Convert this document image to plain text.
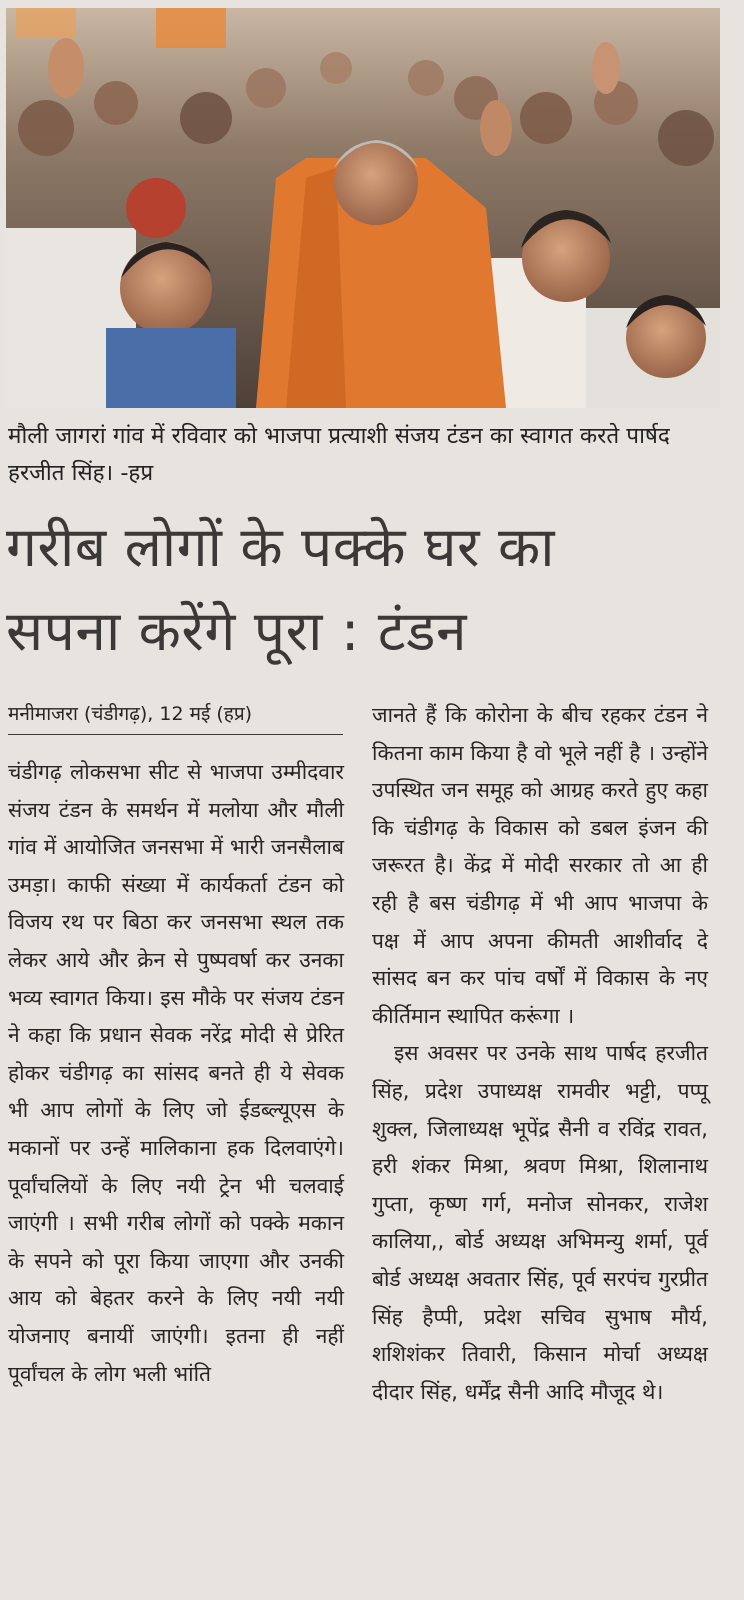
मौली जागरां गांव में रविवार को भाजपा प्रत्याशी संजय टंडन का स्वागत करते पार्षद हरजीत सिंह। -हप्र
गरीब लोगों के पक्के घर का
सपना करेंगे पूरा : टंडन
मनीमाजरा (चंडीगढ़), 12 मई (हप्र)

चंडीगढ़ लोकसभा सीट से भाजपा उम्मीदवार संजय टंडन के समर्थन में मलोया और मौली गांव में आयोजित जनसभा में भारी जनसैलाब उमड़ा। काफी संख्या में कार्यकर्ता टंडन को विजय रथ पर बिठा कर जनसभा स्थल तक लेकर आये और क्रेन से पुष्पवर्षा कर उनका भव्य स्वागत किया। इस मौके पर संजय टंडन ने कहा कि प्रधान सेवक नरेंद्र मोदी से प्रेरित होकर चंडीगढ़ का सांसद बनते ही ये सेवक भी आप लोगों के लिए जो ईडब्ल्यूएस के मकानों पर उन्हें मालिकाना हक दिलवाएंगे। पूर्वांचलियों के लिए नयी ट्रेन भी चलवाई जाएंगी । सभी गरीब लोगों को पक्के मकान के सपने को पूरा किया जाएगा और उनकी आय को बेहतर करने के लिए नयी नयी योजनाए बनायीं जाएंगी। इतना ही नहीं पूर्वांचल के लोग भली भांति

जानते हैं कि कोरोना के बीच रहकर टंडन ने कितना काम किया है वो भूले नहीं है । उन्होंने उपस्थित जन समूह को आग्रह करते हुए कहा कि चंडीगढ़ के विकास को डबल इंजन की जरूरत है। केंद्र में मोदी सरकार तो आ ही रही है बस चंडीगढ़ में भी आप भाजपा के पक्ष में आप अपना कीमती आशीर्वाद दे सांसद बन कर पांच वर्षों में विकास के नए कीर्तिमान स्थापित करूंगा ।

इस अवसर पर उनके साथ पार्षद हरजीत सिंह, प्रदेश उपाध्यक्ष रामवीर भट्टी, पप्पू शुक्ल, जिलाध्यक्ष भूपेंद्र सैनी व रविंद्र रावत, हरी शंकर मिश्रा, श्रवण मिश्रा, शिलानाथ गुप्ता, कृष्ण गर्ग, मनोज सोनकर, राजेश कालिया,, बोर्ड अध्यक्ष अभिमन्यु शर्मा, पूर्व बोर्ड अध्यक्ष अवतार सिंह, पूर्व सरपंच गुरप्रीत सिंह हैप्पी, प्रदेश सचिव सुभाष मौर्य, शशिशंकर तिवारी, किसान मोर्चा अध्यक्ष दीदार सिंह, धर्मेंद्र सैनी आदि मौजूद थे।
